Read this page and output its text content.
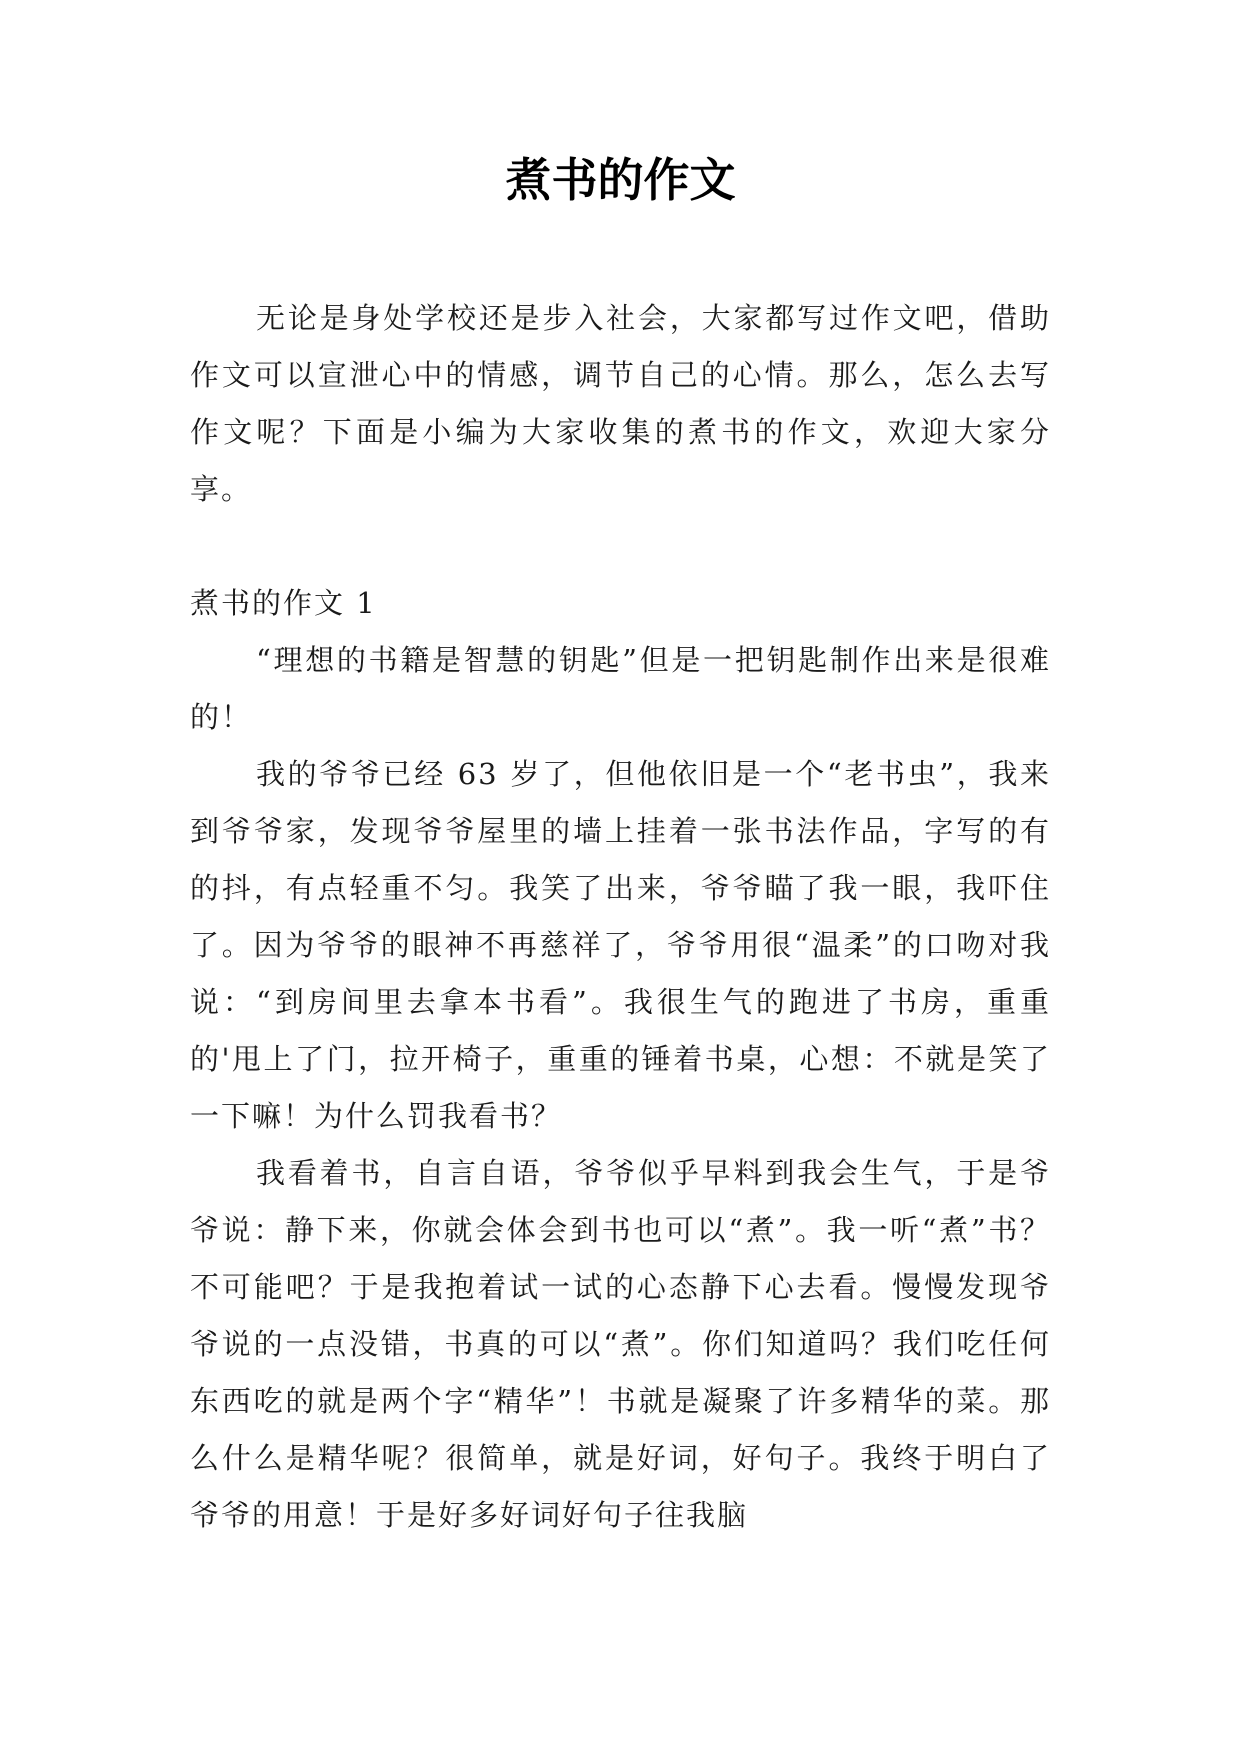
煮书的作文

无论是身处学校还是步入社会，大家都写过作文吧，借助作文可以宣泄心中的情感，调节自己的心情。那么，怎么去写作文呢？下面是小编为大家收集的煮书的作文，欢迎大家分享。

煮书的作文 1

“理想的书籍是智慧的钥匙”但是一把钥匙制作出来是很难的！

我的爷爷已经 63 岁了，但他依旧是一个“老书虫”，我来到爷爷家，发现爷爷屋里的墙上挂着一张书法作品，字写的有的抖，有点轻重不匀。我笑了出来，爷爷瞄了我一眼，我吓住了。因为爷爷的眼神不再慈祥了，爷爷用很“温柔”的口吻对我说：“到房间里去拿本书看”。我很生气的跑进了书房，重重的'甩上了门，拉开椅子，重重的锤着书桌，心想：不就是笑了一下嘛！为什么罚我看书？

我看着书，自言自语，爷爷似乎早料到我会生气，于是爷爷说：静下来，你就会体会到书也可以“煮”。我一听“煮”书？不可能吧？于是我抱着试一试的心态静下心去看。慢慢发现爷爷说的一点没错，书真的可以“煮”。你们知道吗？我们吃任何东西吃的就是两个字“精华”！书就是凝聚了许多精华的菜。那么什么是精华呢？很简单，就是好词，好句子。我终于明白了爷爷的用意！于是好多好词好句子往我脑
